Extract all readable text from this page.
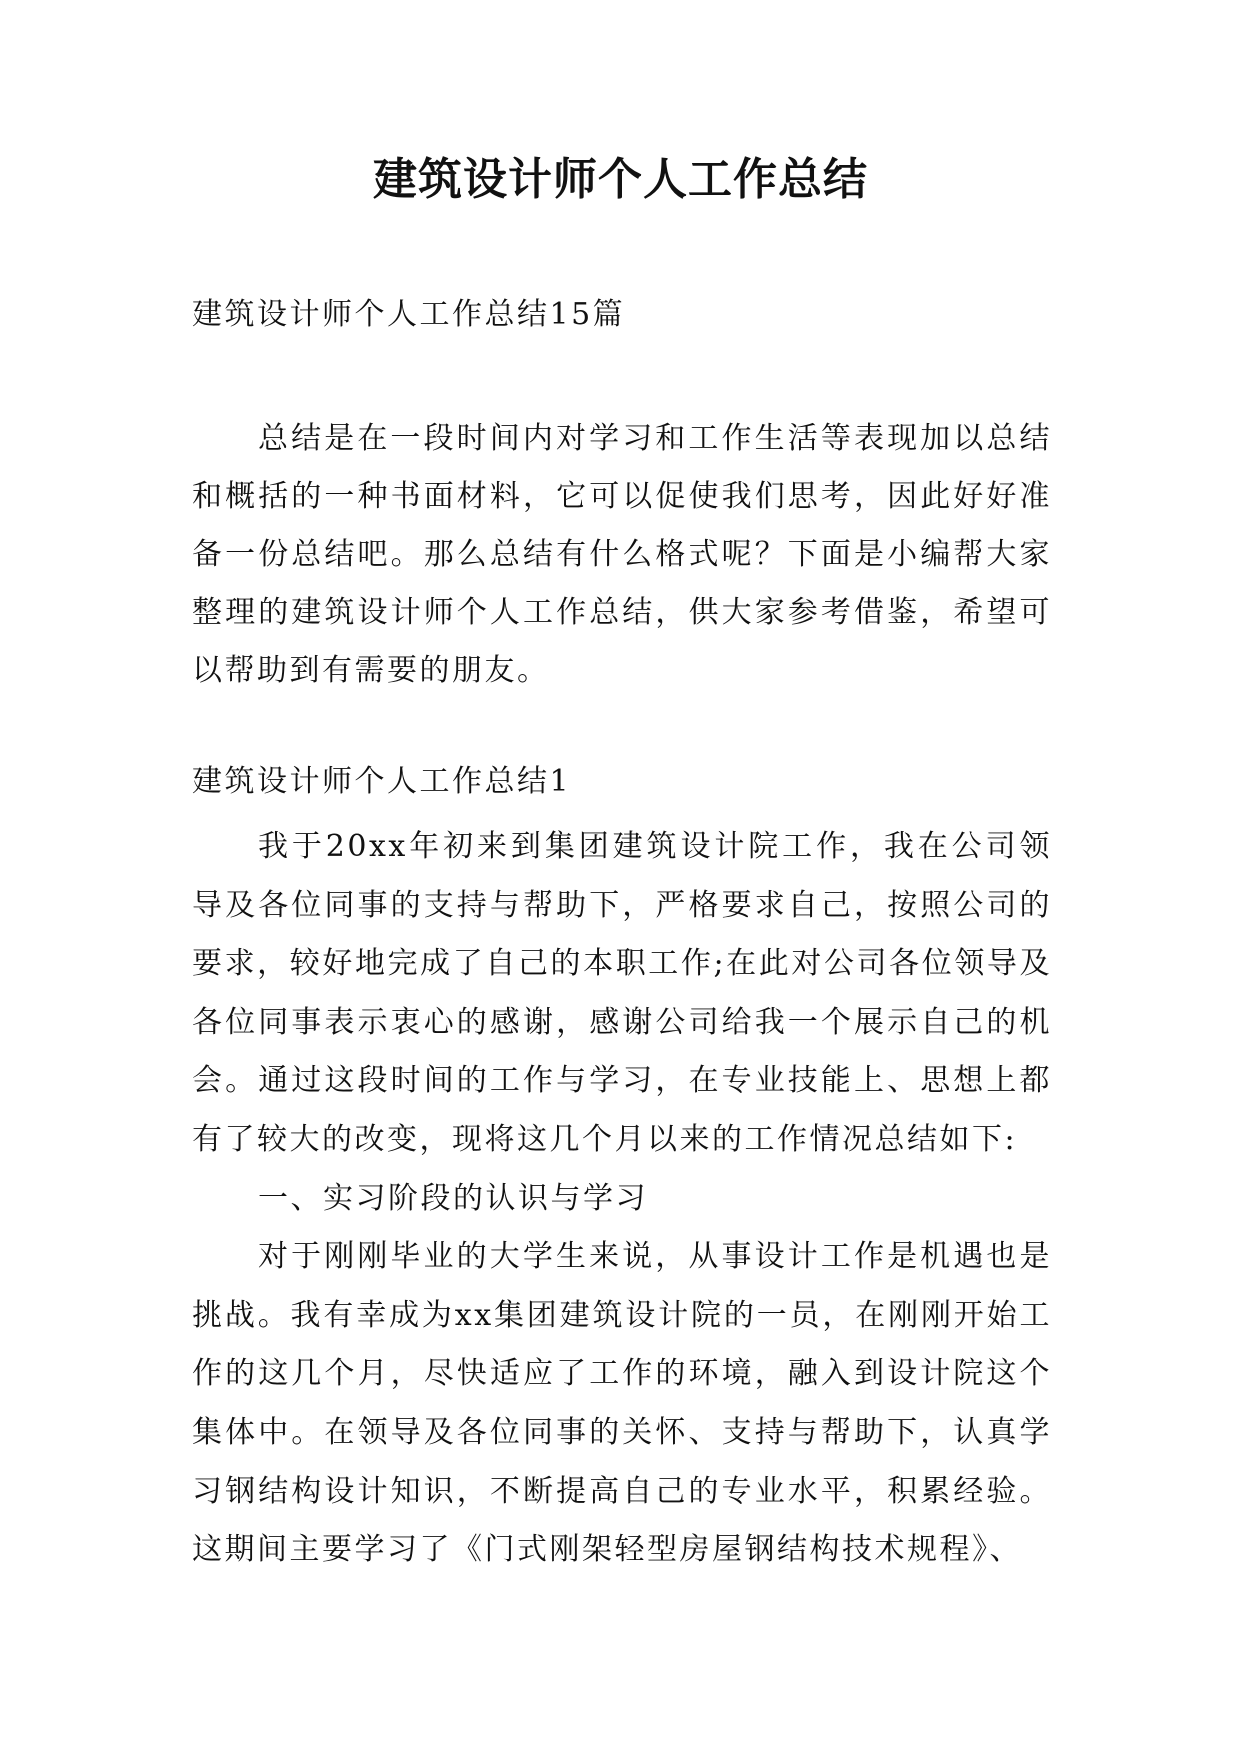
建筑设计师个人工作总结
建筑设计师个人工作总结15篇

总结是在一段时间内对学习和工作生活等表现加以总结和概括的一种书面材料，它可以促使我们思考，因此好好准备一份总结吧。那么总结有什么格式呢？下面是小编帮大家整理的建筑设计师个人工作总结，供大家参考借鉴，希望可以帮助到有需要的朋友。

建筑设计师个人工作总结1

我于20xx年初来到集团建筑设计院工作，我在公司领导及各位同事的支持与帮助下，严格要求自己，按照公司的要求，较好地完成了自己的本职工作;在此对公司各位领导及各位同事表示衷心的感谢，感谢公司给我一个展示自己的机会。通过这段时间的工作与学习，在专业技能上、思想上都有了较大的改变，现将这几个月以来的工作情况总结如下:

一、实习阶段的认识与学习

对于刚刚毕业的大学生来说，从事设计工作是机遇也是挑战。我有幸成为xx集团建筑设计院的一员，在刚刚开始工作的这几个月，尽快适应了工作的环境，融入到设计院这个集体中。在领导及各位同事的关怀、支持与帮助下，认真学习钢结构设计知识，不断提高自己的专业水平，积累经验。这期间主要学习了《门式刚架轻型房屋钢结构技术规程》、
